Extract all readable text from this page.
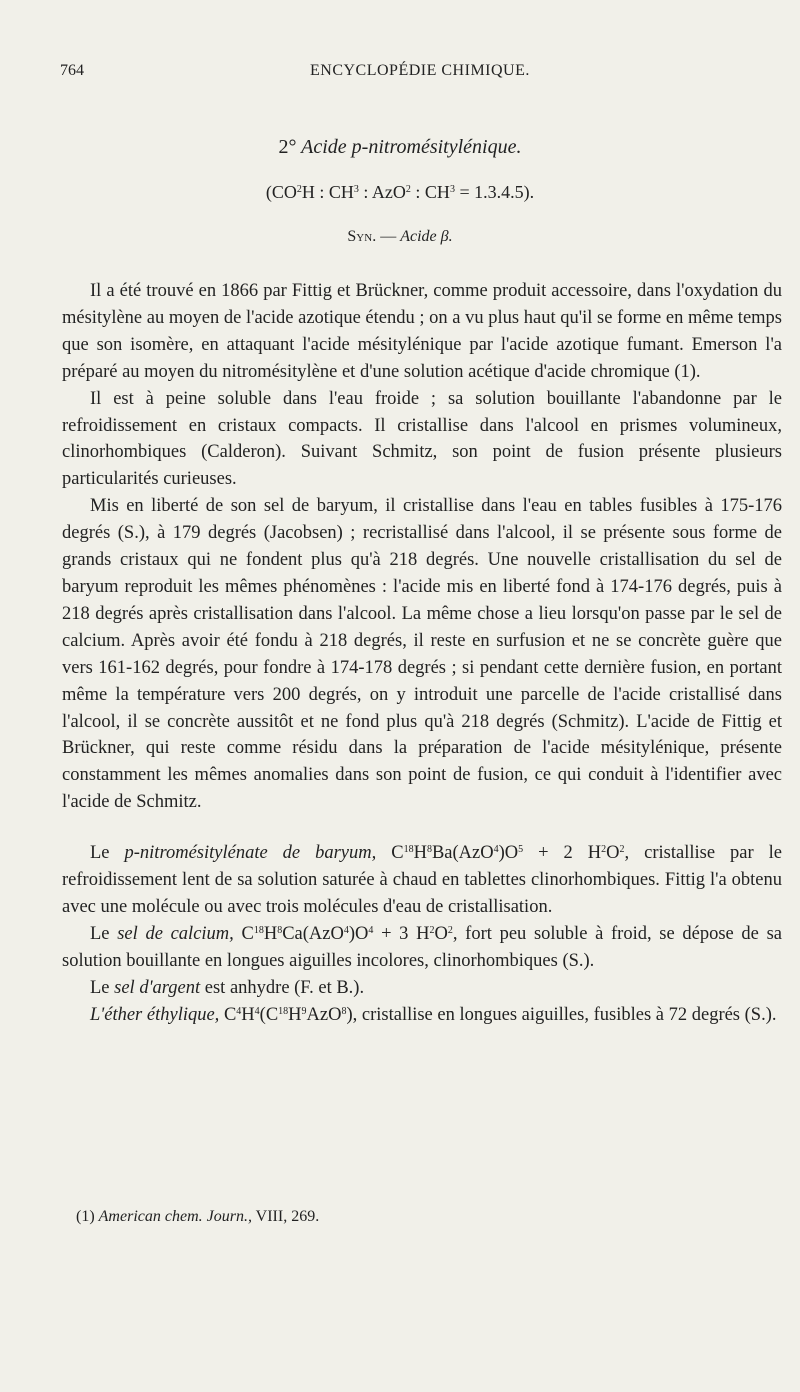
764	ENCYCLOPÉDIE CHIMIQUE.
2° Acide p-nitromésitylénique.
($CO^2H$ : $CH^3$ : AzO$^2$ : $CH^3 = 1.3.4.5$).
Syn. — Acide β.

Il a été trouvé en 1866 par Fittig et Brückner, comme produit accessoire, dans l'oxydation du mésitylène au moyen de l'acide azotique étendu ; on a vu plus haut qu'il se forme en même temps que son isomère, en attaquant l'acide mésitylénique par l'acide azotique fumant. Emerson l'a préparé au moyen du nitromésitylène et d'une solution acétique d'acide chromique (1).

Il est à peine soluble dans l'eau froide ; sa solution bouillante l'abandonne par le refroidissement en cristaux compacts. Il cristallise dans l'alcool en prismes volumineux, clinorhombiques (Calderon). Suivant Schmitz, son point de fusion présente plusieurs particularités curieuses.

Mis en liberté de son sel de baryum, il cristallise dans l'eau en tables fusibles à 175-176 degrés (S.), à 179 degrés (Jacobsen) ; recristallisé dans l'alcool, il se présente sous forme de grands cristaux qui ne fondent plus qu'à 218 degrés. Une nouvelle cristallisation du sel de baryum reproduit les mêmes phénomènes : l'acide mis en liberté fond à 174-176 degrés, puis à 218 degrés après cristallisation dans l'alcool. La même chose a lieu lorsqu'on passe par le sel de calcium. Après avoir été fondu à 218 degrés, il reste en surfusion et ne se concrète guère que vers 161-162 degrés, pour fondre à 174-178 degrés ; si pendant cette dernière fusion, en portant même la température vers 200 degrés, on y introduit une parcelle de l'acide cristallisé dans l'alcool, il se concrète aussitôt et ne fond plus qu'à 218 degrés (Schmitz). L'acide de Fittig et Brückner, qui reste comme résidu dans la préparation de l'acide mésitylénique, présente constamment les mêmes anomalies dans son point de fusion, ce qui conduit à l'identifier avec l'acide de Schmitz.

Le p-nitromésitylénate de baryum, $C^{18}H^8Ba(AzO^4)O^5 + 2$ $H^2O^2$, cristallise par le refroidissement lent de sa solution saturée à chaud en tablettes clinorhombiques. Fittig l'a obtenu avec une molécule ou avec trois molécules d'eau de cristallisation.

Le sel de calcium, $C^{18}H^8Ca(AzO^4)O^4 + 3$ $H^2O^2$, fort peu soluble à froid, se dépose de sa solution bouillante en longues aiguilles incolores, clinorhombiques (S.).

Le sel d'argent est anhydre (F. et B.).

L'éther éthylique, $C^4H^4(C^{18}H^9AzO^8)$, cristallise en longues aiguilles, fusibles à 72 degrés (S.).

(1) American chem. Journ., VIII, 269.
